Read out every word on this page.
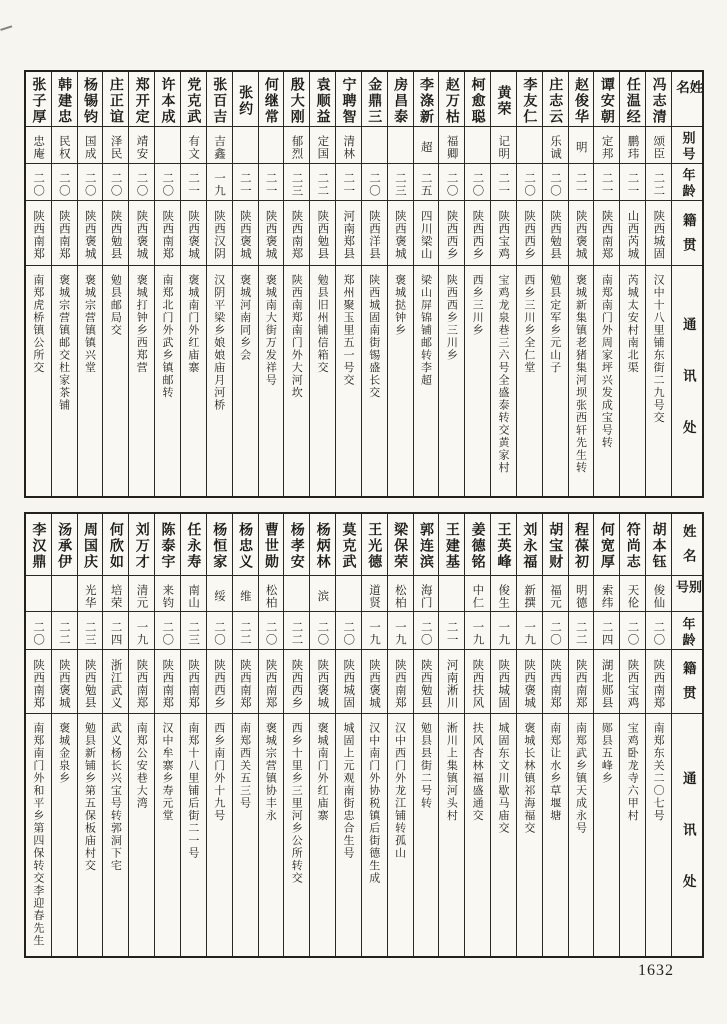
姓名
别号
年龄
籍贯
通讯处
冯志清
颂臣
二二
陕西城固
汉中十八里铺东街二九号交
任温经
鹏玮
二一
山西芮城
芮城太安村南北渠
谭安朝
定邦
二一
陕西南郑
南郑南门外周家坪兴发成宝号转
赵俊华
明
二一
陕西褒城
褒城新集镇老猪集河坝张西轩先生转
庄志云
乐诚
二〇
陕西勉县
勉县定军乡元山子
李友仁
二〇
陕西西乡
西乡三川乡全仁堂
黄荣
记明
二一
陕西宝鸡
宝鸡龙泉巷三六号全盛泰转交黄家村
柯愈聪
二〇
陕西西乡
西乡三川乡
赵万枯
福卿
二〇
陕西西乡
陕西西乡三川乡
李涤新
超
二五
四川梁山
梁山屏锦铺邮转李超
房昌泰
二三
陕西褒城
褒城挞钟乡
金鼎三
二〇
陕西洋县
陕西城固南街锡盛长交
宁聘智
清林
二一
河南郑县
郑州聚玉里五一号交
袁顺益
定国
二二
陕西勉县
勉县旧州铺信箱交
殷大刚
郁烈
二三
陕西南郑
陕西南郑南门外大河坎
何继常
二一
陕西褒城
褒城南大街万发祥号
张约
二一
陕西褒城
褒城河南同乡会
张百吉
吉鑫
一九
陕西汉阴
汉阴平梁乡娘娘庙月河桥
党克武
有文
二一
陕西褒城
褒城南门外红庙寨
许本成
二〇
陕西南郑
南郑北门外武乡镇邮转
郑开定
靖安
二〇
陕西褒城
褒城打钟乡西郑营
庄正谊
泽民
二〇
陕西勉县
勉县邮局交
杨锡钧
国成
二〇
陕西褒城
褒城宗营镇镇兴堂
韩建忠
民权
二〇
陕西南郑
褒城宗营镇邮交杜家茶铺
张子厚
忠庵
二〇
陕西南郑
南郑虎桥镇公所交
姓名
别号
年龄
籍贯
通讯处
胡本钰
俊仙
二〇
陕西南郑
南郑东关二〇七号
符尚志
天伦
二〇
陕西宝鸡
宝鸡卧龙寺六甲村
何宽厚
索纬
二四
湖北郧县
郧县五峰乡
程葆初
明德
二二
陕西南郑
南郑武乡镇天成永号
胡宝财
福元
二〇
陕西南郑
南郑让水乡草堰塘
刘永福
新撰
一九
陕西褒城
褒城长林镇祁海福交
王英峰
俊生
一九
陕西城固
城固东文川歇马庙交
姜德铭
中仁
一九
陕西扶风
扶风杏林福盛通交
王建基
二一
河南淅川
淅川上集镇河头村
郭连滨
海门
二〇
陕西勉县
勉县县街二号转
梁保荣
松柏
一九
陕西南郑
汉中西门外龙江铺转孤山
王光德
道贤
一九
陕西褒城
汉中南门外协税镇后街德生成
莫克武
二〇
陕西城固
城固上元观南街忠合生号
杨炳林
滨
二〇
陕西褒城
褒城南门外红庙寨
杨孝安
二二
陕西西乡
西乡十里乡三里河乡公所转交
曹世勋
松柏
二〇
陕西南郑
褒城宗营镇协丰永
杨忠义
维
二二
陕西南郑
南郑西关五三号
杨恒家
绥
二〇
陕西西乡
西乡南门外十九号
任永寿
南山
二三
陕西南郑
南郑十八里铺后街二一号
陈泰宇
来钧
二〇
陕西南郑
汉中牟寨乡寿元堂
刘万才
清元
一九
陕西南郑
南郑公安巷大湾
何欣如
培荣
二四
浙江武义
武义杨长兴宝号转郭洞下宅
周国庆
光华
二三
陕西勉县
勉县新铺乡第五保板庙村交
汤承伊
二二
陕西褒城
褒城金泉乡
李汉鼎
二〇
陕西南郑
南郑南门外和平乡第四保转交李迎春先生
1632
